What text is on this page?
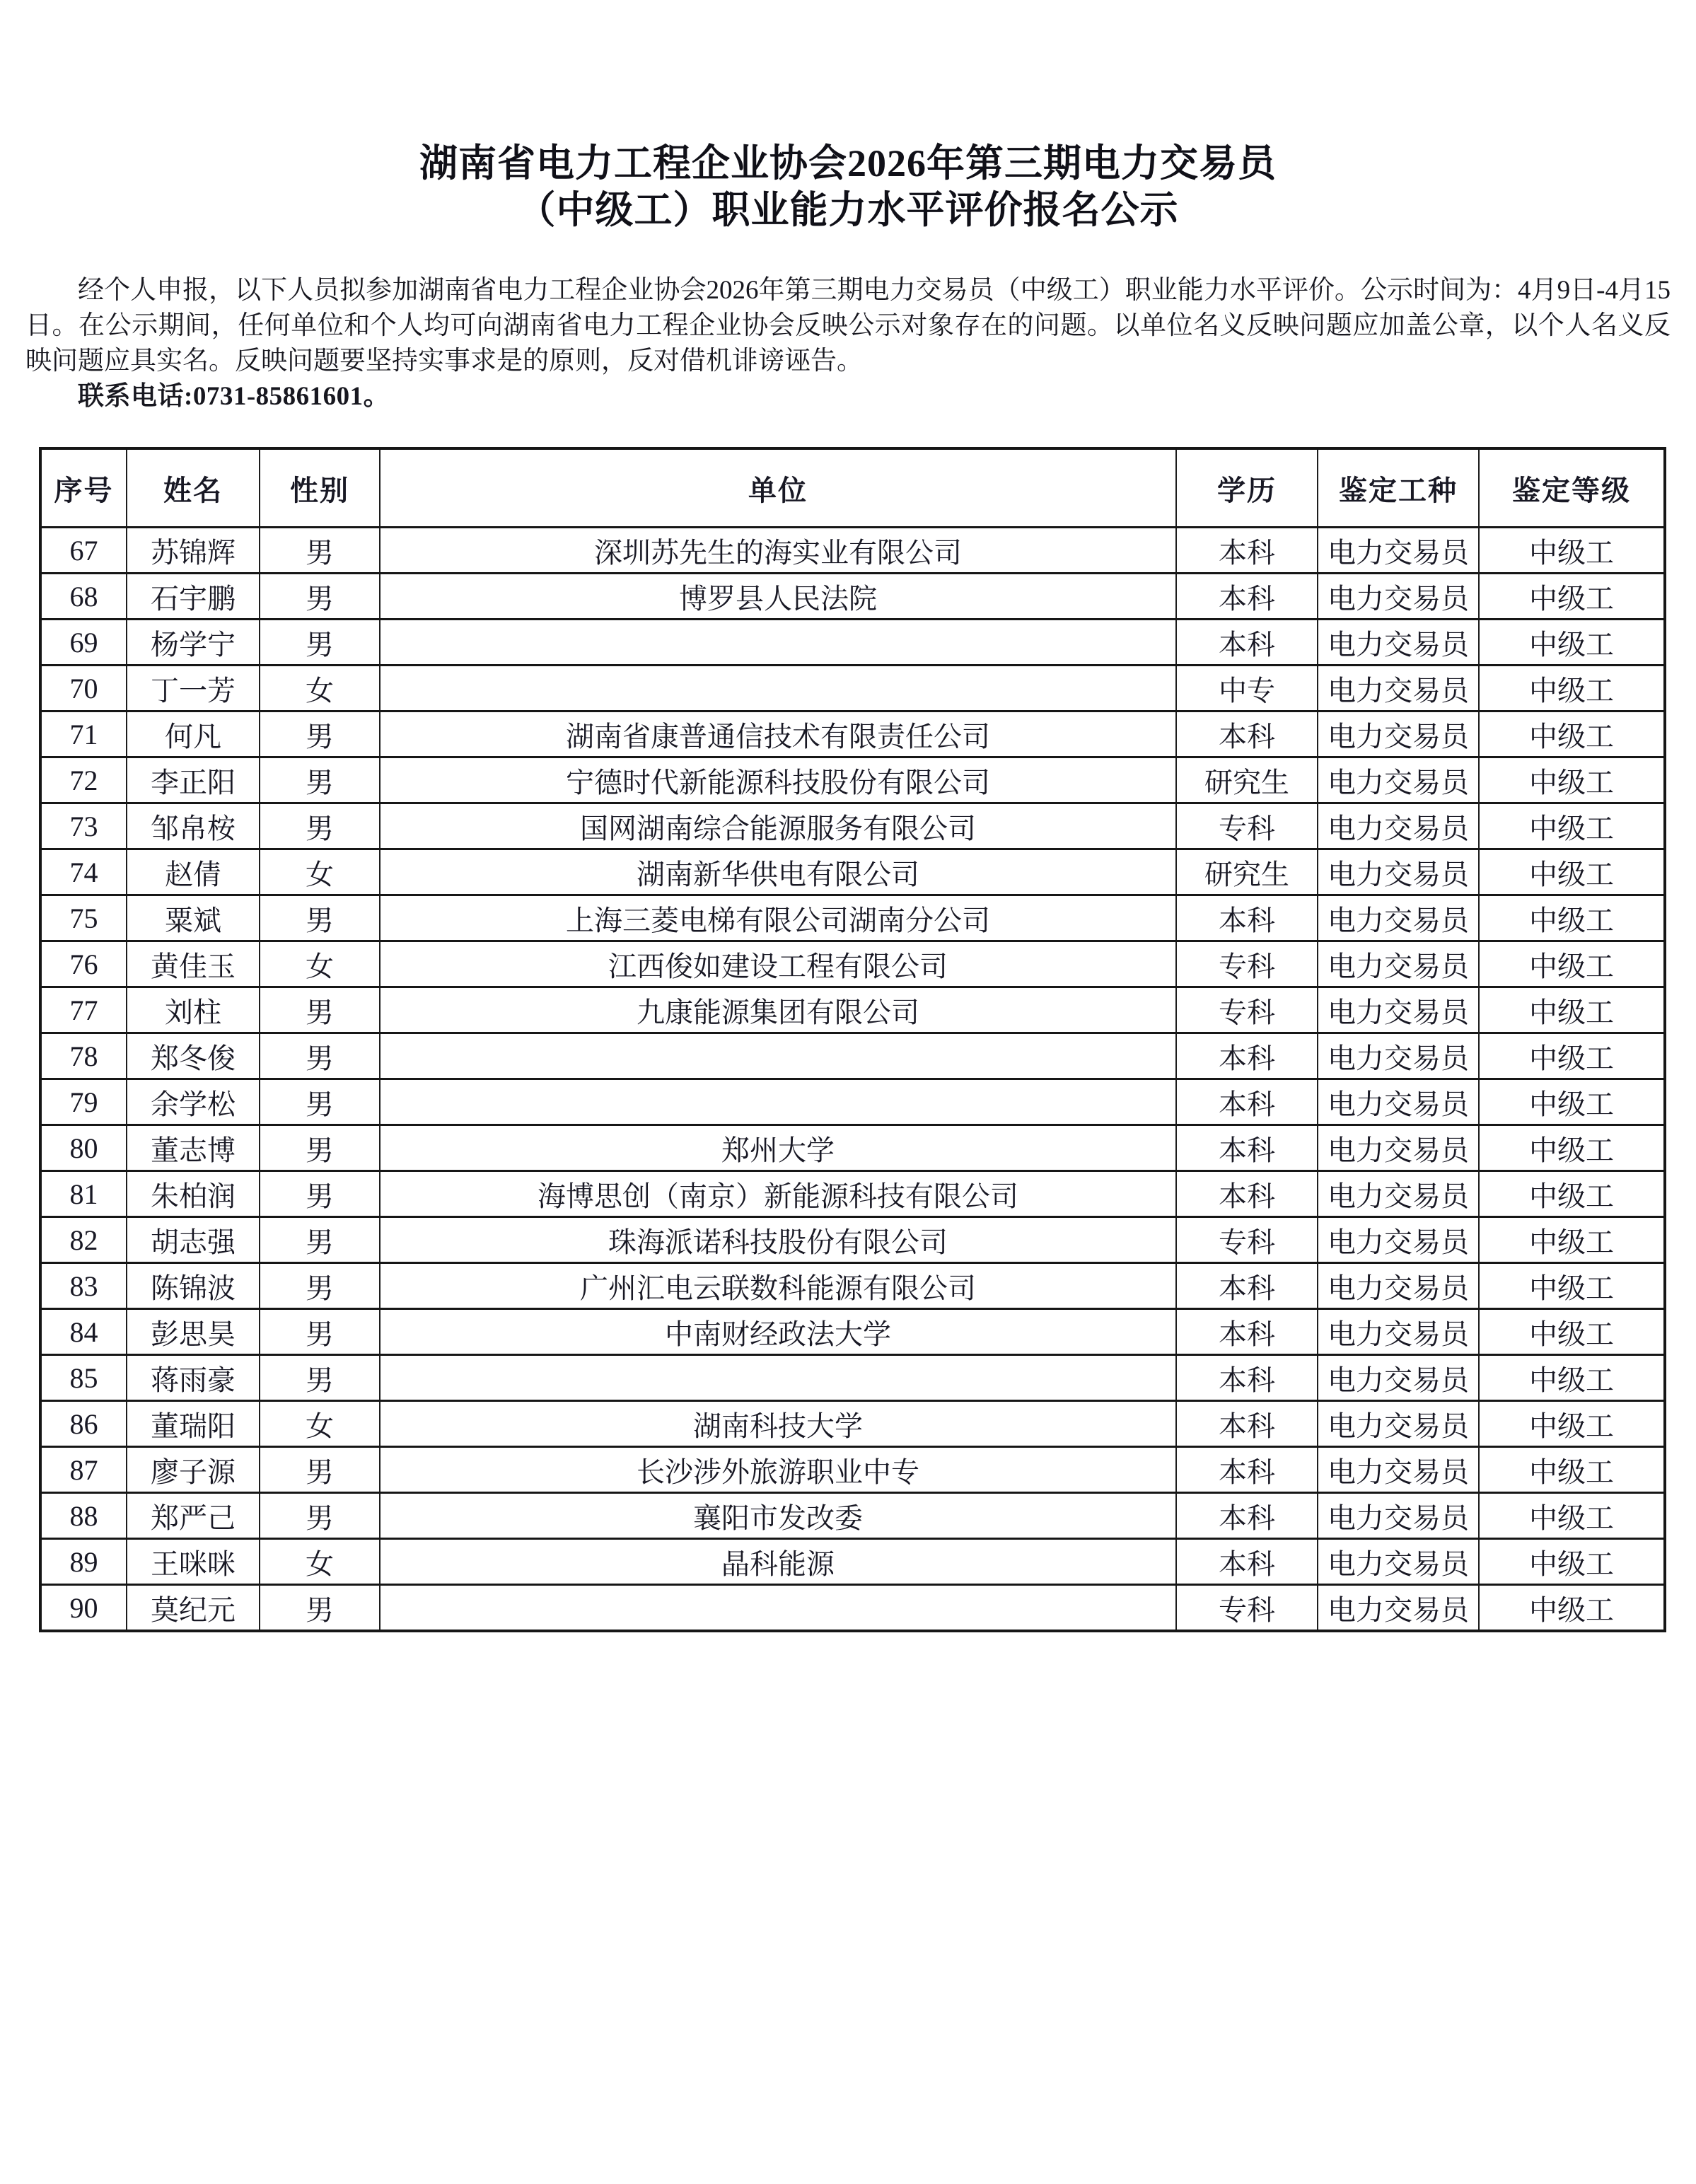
湖南省电力工程企业协会2026年第三期电力交易员
（中级工）职业能力水平评价报名公示

经个人申报，以下人员拟参加湖南省电力工程企业协会2026年第三期电力交易员（中级工）职业能力水平评价。公示时间为：4月9日-4月15日。在公示期间，任何单位和个人均可向湖南省电力工程企业协会反映公示对象存在的问题。以单位名义反映问题应加盖公章，以个人名义反映问题应具实名。反映问题要坚持实事求是的原则，反对借机诽谤诬告。

联系电话:0731-85861601。

序号	姓名	性别	单位	学历	鉴定工种	鉴定等级
67	苏锦辉	男	深圳苏先生的海实业有限公司	本科	电力交易员	中级工
68	石宇鹏	男	博罗县人民法院	本科	电力交易员	中级工
69	杨学宁	男		本科	电力交易员	中级工
70	丁一芳	女		中专	电力交易员	中级工
71	何凡	男	湖南省康普通信技术有限责任公司	本科	电力交易员	中级工
72	李正阳	男	宁德时代新能源科技股份有限公司	研究生	电力交易员	中级工
73	邹帛桉	男	国网湖南综合能源服务有限公司	专科	电力交易员	中级工
74	赵倩	女	湖南新华供电有限公司	研究生	电力交易员	中级工
75	粟斌	男	上海三菱电梯有限公司湖南分公司	本科	电力交易员	中级工
76	黄佳玉	女	江西俊如建设工程有限公司	专科	电力交易员	中级工
77	刘柱	男	九康能源集团有限公司	专科	电力交易员	中级工
78	郑冬俊	男		本科	电力交易员	中级工
79	余学松	男		本科	电力交易员	中级工
80	董志博	男	郑州大学	本科	电力交易员	中级工
81	朱柏润	男	海博思创（南京）新能源科技有限公司	本科	电力交易员	中级工
82	胡志强	男	珠海派诺科技股份有限公司	专科	电力交易员	中级工
83	陈锦波	男	广州汇电云联数科能源有限公司	本科	电力交易员	中级工
84	彭思昊	男	中南财经政法大学	本科	电力交易员	中级工
85	蒋雨豪	男		本科	电力交易员	中级工
86	董瑞阳	女	湖南科技大学	本科	电力交易员	中级工
87	廖子源	男	长沙涉外旅游职业中专	本科	电力交易员	中级工
88	郑严己	男	襄阳市发改委	本科	电力交易员	中级工
89	王咪咪	女	晶科能源	本科	电力交易员	中级工
90	莫纪元	男		专科	电力交易员	中级工
